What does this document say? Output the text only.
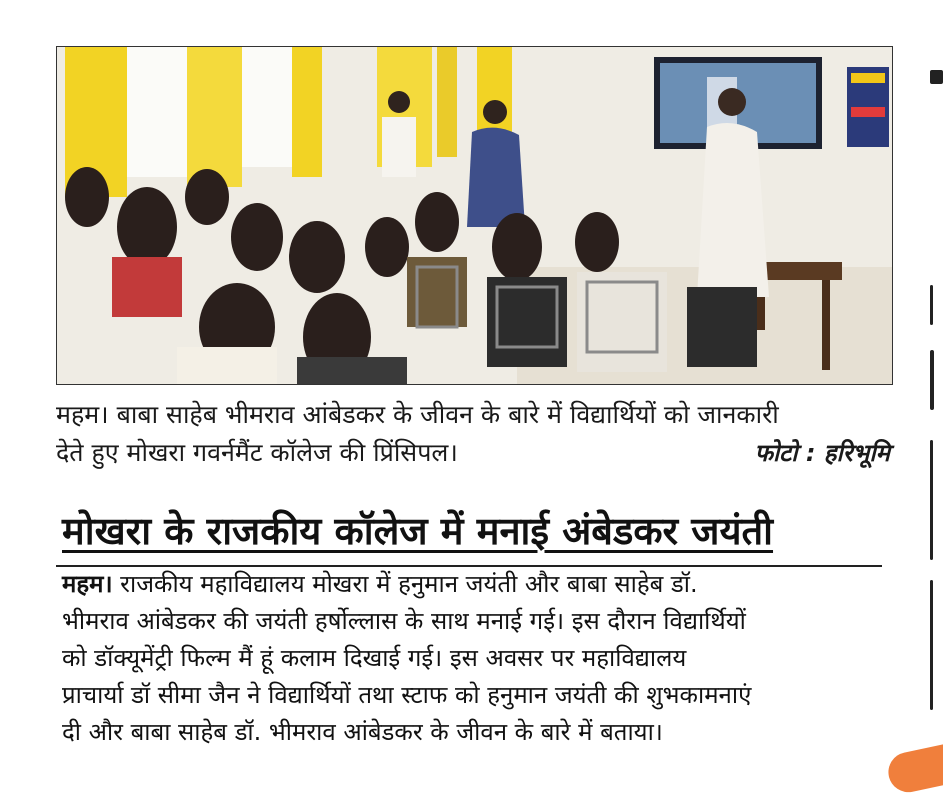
महम। बाबा साहेब भीमराव आंबेडकर के जीवन के बारे में विद्यार्थियों को जानकारी
देते हुए मोखरा गवर्नमैंट कॉलेज की प्रिंसिपल।	फोटो : हरिभूमि
मोखरा के राजकीय कॉलेज में मनाई अंबेडकर जयंती
महम। राजकीय महाविद्यालय मोखरा में हनुमान जयंती और बाबा साहेब डॉ.
भीमराव आंबेडकर की जयंती हर्षोल्लास के साथ मनाई गई। इस दौरान विद्यार्थियों
को डॉक्यूमेंट्री फिल्म मैं हूं कलाम दिखाई गई। इस अवसर पर महाविद्यालय
प्राचार्या डॉ सीमा जैन ने विद्यार्थियों तथा स्टाफ को हनुमान जयंती की शुभकामनाएं
दी और बाबा साहेब डॉ. भीमराव आंबेडकर के जीवन के बारे में बताया।
